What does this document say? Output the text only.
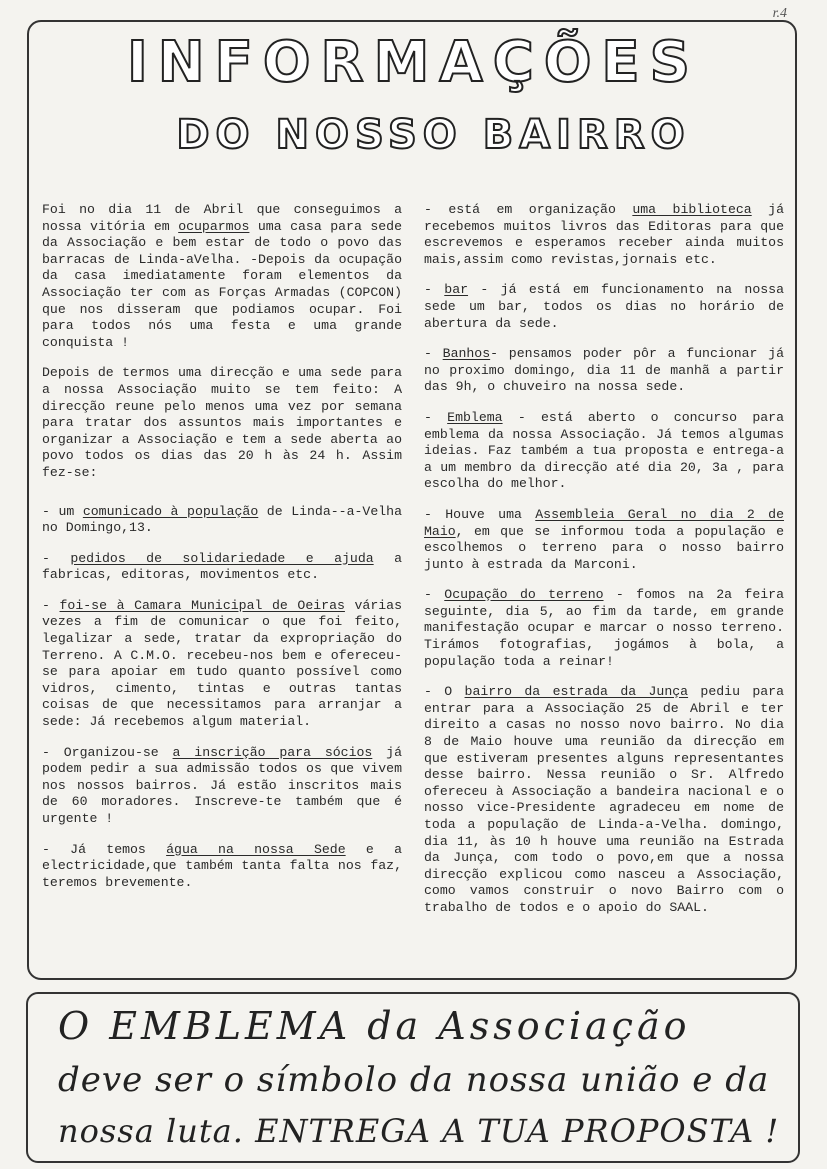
r.4
INFORMAÇÕES
DO NOSSO BAIRRO

Foi no dia 11 de Abril que conseguimos a nossa vitória em ocuparmos uma casa para sede da Associação e bem estar de todo o povo das barracas de Linda-aVelha. -Depois da ocupação da casa imediatamente foram elementos da Associação ter com as Forças Armadas (COPCON) que nos disseram que podiamos ocupar. Foi para todos nós uma festa e uma grande conquista !

Depois de termos uma direcção e uma sede para a nossa Associação muito se tem feito: A direcção reune pelo menos uma vez por semana para tratar dos assuntos mais importantes e organizar a Associação e tem a sede aberta ao povo todos os dias das 20 h às 24 h. Assim fez-se:

- um comunicado à população de Linda--a-Velha no Domingo,13.

- pedidos de solidariedade e ajuda a fabricas, editoras, movimentos etc.

- foi-se à Camara Municipal de Oeiras várias vezes a fim de comunicar o que foi feito, legalizar a sede, tratar da expropriação do Terreno. A C.M.O. recebeu-nos bem e ofereceu-se para apoiar em tudo quanto possível como vidros, cimento, tintas e outras tantas coisas de que necessitamos para arranjar a sede: Já recebemos algum material.

- Organizou-se a inscrição para sócios já podem pedir a sua admissão todos os que vivem nos nossos bairros. Já estão inscritos mais de 60 moradores. Inscreve-te também que é urgente !

- Já temos água na nossa Sede e a electricidade,que também tanta falta nos faz, teremos brevemente.

- está em organização uma biblioteca já recebemos muitos livros das Editoras para que escrevemos e esperamos receber ainda muitos mais,assim como revistas,jornais etc.

- bar - já está em funcionamento na nossa sede um bar, todos os dias no horário de abertura da sede.

- Banhos- pensamos poder pôr a funcionar já no proximo domingo, dia 11 de manhã a partir das 9h, o chuveiro na nossa sede.

- Emblema - está aberto o concurso para emblema da nossa Associação. Já temos algumas ideias. Faz também a tua proposta e entrega-a a um membro da direcção até dia 20, 3a , para escolha do melhor.

- Houve uma Assembleia Geral no dia 2 de Maio, em que se informou toda a população e escolhemos o terreno para o nosso bairro junto à estrada da Marconi.

- Ocupação do terreno - fomos na 2a feira seguinte, dia 5, ao fim da tarde, em grande manifestação ocupar e marcar o nosso terreno. Tirámos fotografias, jogámos à bola, a população toda a reinar!

- O bairro da estrada da Junça pediu para entrar para a Associação 25 de Abril e ter direito a casas no nosso novo bairro. No dia 8 de Maio houve uma reunião da direcção em que estiveram presentes alguns representantes desse bairro. Nessa reunião o Sr. Alfredo ofereceu à Associação a bandeira nacional e o nosso vice-Presidente agradeceu em nome de toda a população de Linda-a-Velha. domingo, dia 11, às 10 h houve uma reunião na Estrada da Junça, com todo o povo,em que a nossa direcção explicou como nasceu a Associação, como vamos construir o novo Bairro com o trabalho de todos e o apoio do SAAL.

O EMBLEMA da Associação
deve ser o símbolo da nossa união e da
nossa luta. ENTREGA A TUA PROPOSTA !
